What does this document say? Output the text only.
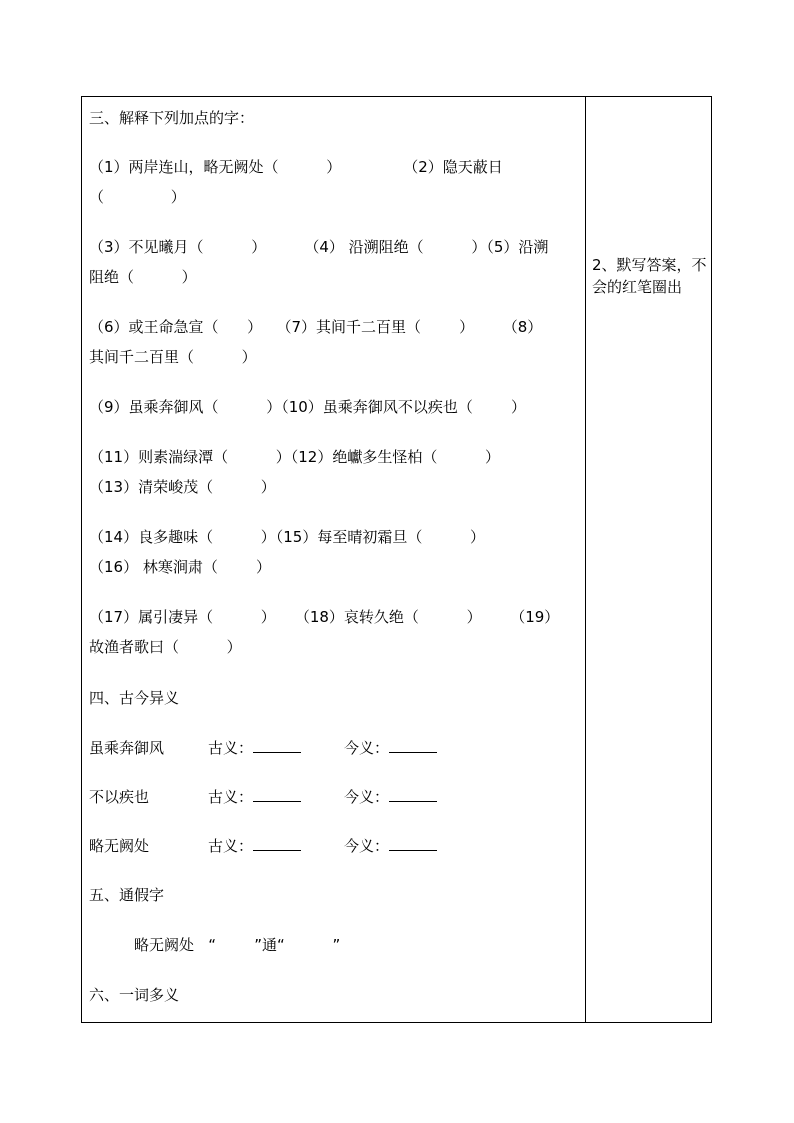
三、解释下列加点的字：
（1）两岸连山，略无阙处（          ）             （2）隐天蔽日
（              ）
（3）不见曦月（          ）        （4） 沿溯阻绝（          ）（5）沿溯
阻绝（          ）
（6）或王命急宣（      ）   （7）其间千二百里（        ）      （8）
其间千二百里（          ）
（9）虽乘奔御风（          ）（10）虽乘奔御风不以疾也（        ）
（11）则素湍绿潭（          ）（12）绝巘多生怪柏（          ）
（13）清荣峻茂（          ）
（14）良多趣味（          ）（15）每至晴初霜旦（          ）
（16） 林寒涧肃（        ）
（17）属引凄异（          ）    （18）哀转久绝（          ）      （19）
故渔者歌曰（          ）
四、古今异义
虽乘奔御风	古义：	今义：
不以疾也	古义：	今义：
略无阙处	古义：	今义：
五、通假字
略无阙处   “        ”通“          ”
六、一词多义
2、默写答案，不会的红笔圈出
